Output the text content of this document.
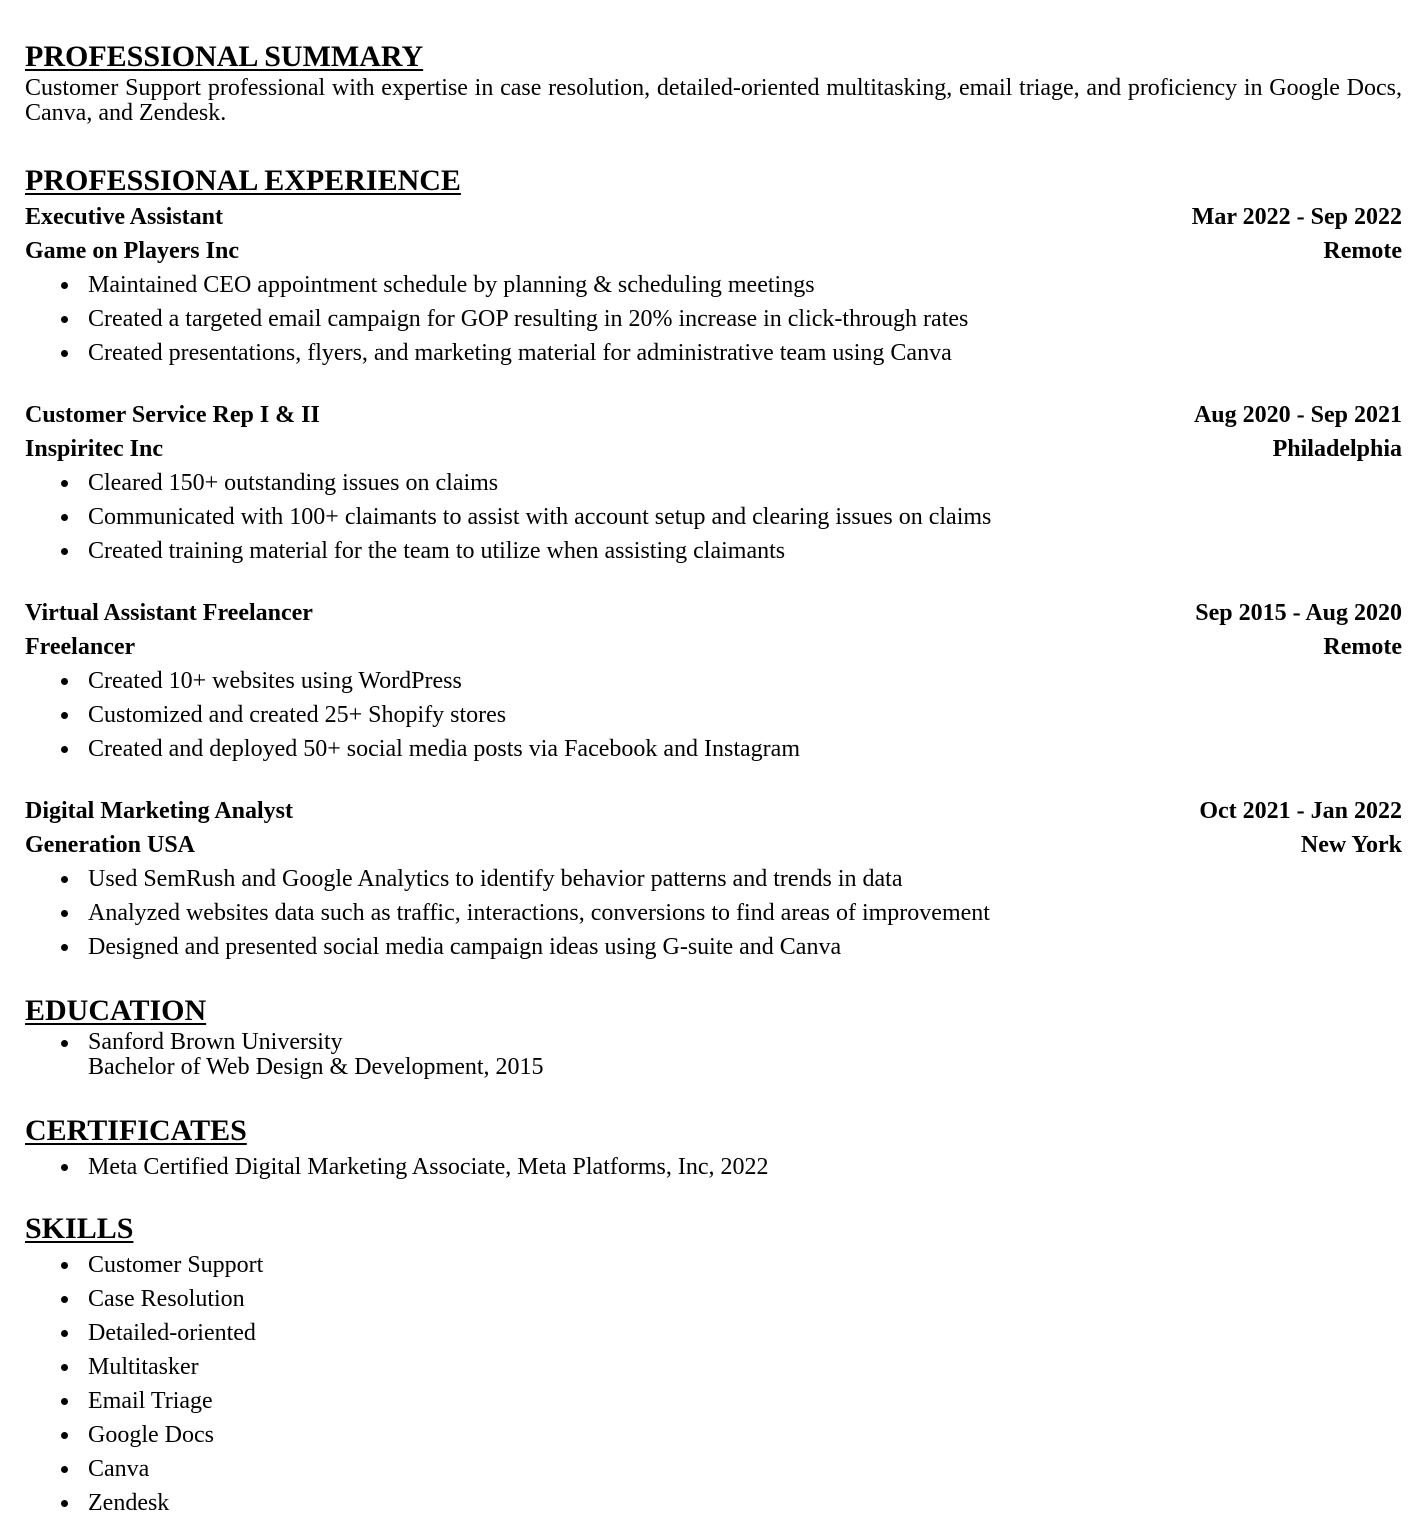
PROFESSIONAL SUMMARY

Customer Support professional with expertise in case resolution, detailed-oriented multitasking, email triage, and proficiency in Google Docs, Canva, and Zendesk.

PROFESSIONAL EXPERIENCE
Executive Assistant	Mar 2022 - Sep 2022
Game on Players Inc	Remote
Maintained CEO appointment schedule by planning & scheduling meetings
Created a targeted email campaign for GOP resulting in 20% increase in click-through rates
Created presentations, flyers, and marketing material for administrative team using Canva
Customer Service Rep I & II	Aug 2020 - Sep 2021
Inspiritec Inc	Philadelphia
Cleared 150+ outstanding issues on claims
Communicated with 100+ claimants to assist with account setup and clearing issues on claims
Created training material for the team to utilize when assisting claimants
Virtual Assistant Freelancer	Sep 2015 - Aug 2020
Freelancer	Remote
Created 10+ websites using WordPress
Customized and created 25+ Shopify stores
Created and deployed 50+ social media posts via Facebook and Instagram
Digital Marketing Analyst	Oct 2021 - Jan 2022
Generation USA	New York
Used SemRush and Google Analytics to identify behavior patterns and trends in data
Analyzed websites data such as traffic, interactions, conversions to find areas of improvement
Designed and presented social media campaign ideas using G-suite and Canva
EDUCATION
Sanford Brown University
Bachelor of Web Design & Development, 2015
CERTIFICATES
Meta Certified Digital Marketing Associate, Meta Platforms, Inc, 2022
SKILLS
Customer Support
Case Resolution
Detailed-oriented
Multitasker
Email Triage
Google Docs
Canva
Zendesk
